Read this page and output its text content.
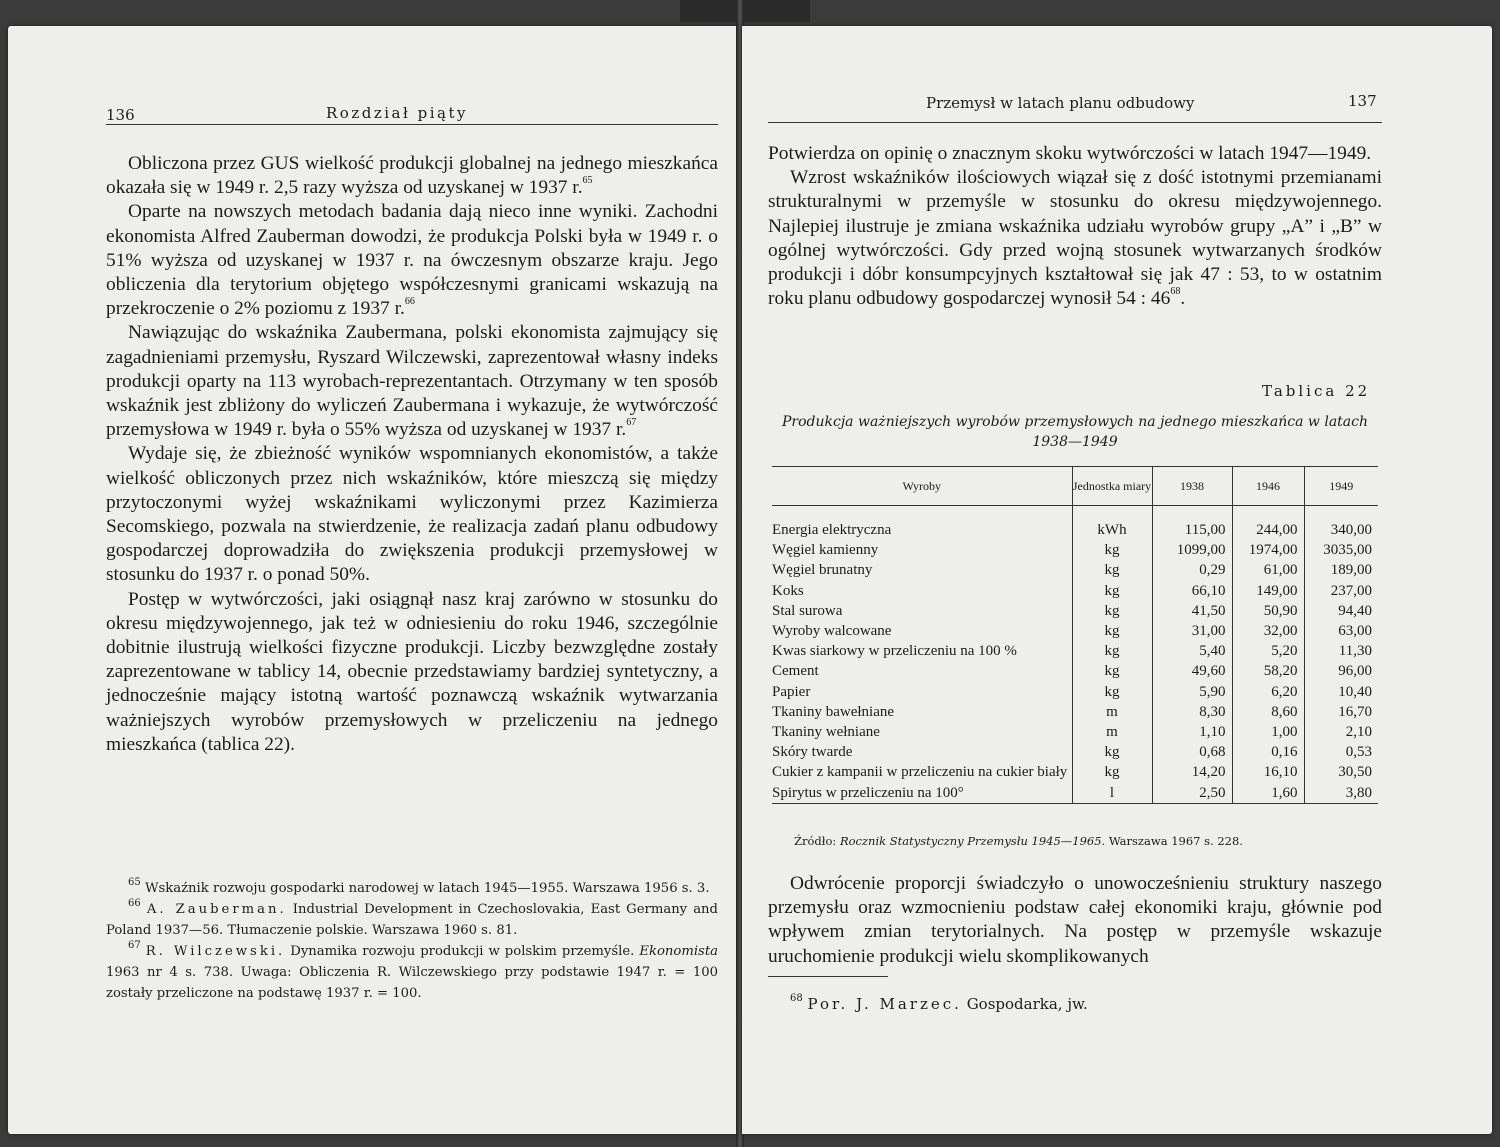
136	Rozdział piąty

Obliczona przez GUS wielkość produkcji globalnej na jednego mieszkańca okazała się w 1949 r. 2,5 razy wyższa od uzyskanej w 1937 r.$^{65}$

Oparte na nowszych metodach badania dają nieco inne wyniki. Zachodni ekonomista Alfred Zauberman dowodzi, że produkcja Polski była w 1949 r. o 51% wyższa od uzyskanej w 1937 r. na ówczesnym obszarze kraju. Jego obliczenia dla terytorium objętego współczesnymi granicami wskazują na przekroczenie o 2% poziomu z 1937 r.$^{66}$

Nawiązując do wskaźnika Zaubermana, polski ekonomista zajmujący się zagadnieniami przemysłu, Ryszard Wilczewski, zaprezentował własny indeks produkcji oparty na 113 wyrobach-reprezentantach. Otrzymany w ten sposób wskaźnik jest zbliżony do wyliczeń Zaubermana i wykazuje, że wytwórczość przemysłowa w 1949 r. była o 55% wyższa od uzyskanej w 1937 r.$^{67}$

Wydaje się, że zbieżność wyników wspomnianych ekonomistów, a także wielkość obliczonych przez nich wskaźników, które mieszczą się między przytoczonymi wyżej wskaźnikami wyliczonymi przez Kazimierza Secomskiego, pozwala na stwierdzenie, że realizacja zadań planu odbudowy gospodarczej doprowadziła do zwiększenia produkcji przemysłowej w stosunku do 1937 r. o ponad 50%.

Postęp w wytwórczości, jaki osiągnął nasz kraj zarówno w stosunku do okresu międzywojennego, jak też w odniesieniu do roku 1946, szczególnie dobitnie ilustrują wielkości fizyczne produkcji. Liczby bezwzględne zostały zaprezentowane w tablicy 14, obecnie przedstawiamy bardziej syntetyczny, a jednocześnie mający istotną wartość poznawczą wskaźnik wytwarzania ważniejszych wyrobów przemysłowych w przeliczeniu na jednego mieszkańca (tablica 22).

$^{65}$ Wskaźnik rozwoju gospodarki narodowej w latach 1945—1955. Warszawa 1956 s. 3.

$^{66}$ A. Zauberman. Industrial Development in Czechoslovakia, East Germany and Poland 1937—56. Tłumaczenie polskie. Warszawa 1960 s. 81.

$^{67}$ R. Wilczewski. Dynamika rozwoju produkcji w polskim przemyśle. Ekonomista 1963 nr 4 s. 738. Uwaga: Obliczenia R. Wilczewskiego przy podstawie 1947 r. = 100 zostały przeliczone na podstawę 1937 r. = 100.

Przemysł w latach planu odbudowy	137

Potwierdza on opinię o znacznym skoku wytwórczości w latach 1947—1949.

Wzrost wskaźników ilościowych wiązał się z dość istotnymi przemianami strukturalnymi w przemyśle w stosunku do okresu międzywojennego. Najlepiej ilustruje je zmiana wskaźnika udziału wyrobów grupy „A” i „B” w ogólnej wytwórczości. Gdy przed wojną stosunek wytwarzanych środków produkcji i dóbr konsumpcyjnych kształtował się jak 47 : 53, to w ostatnim roku planu odbudowy gospodarczej wynosił 54 : $46^{68}$.

Tablica 22
Produkcja ważniejszych wyrobów przemysłowych na jednego mieszkańca w latach 1938—1949
Wyroby	Jednostka miary	1938	1946	1949

Energia elektryczna	kWh	115,00	244,00	340,00
Węgiel kamienny	kg	1099,00	1974,00	3035,00
Węgiel brunatny	kg	0,29	61,00	189,00
Koks	kg	66,10	149,00	237,00
Stal surowa	kg	41,50	50,90	94,40
Wyroby walcowane	kg	31,00	32,00	63,00
Kwas siarkowy w przeliczeniu na 100 %	kg	5,40	5,20	11,30
Cement	kg	49,60	58,20	96,00
Papier	kg	5,90	6,20	10,40
Tkaniny bawełniane	m	8,30	8,60	16,70
Tkaniny wełniane	m	1,10	1,00	2,10
Skóry twarde	kg	0,68	0,16	0,53
Cukier z kampanii w przeliczeniu na cukier biały	kg	14,20	16,10	30,50
Spirytus w przeliczeniu na 100°	l	2,50	1,60	3,80
Źródło: Rocznik Statystyczny Przemysłu 1945—1965. Warszawa 1967 s. 228.

Odwrócenie proporcji świadczyło o unowocześnieniu struktury naszego przemysłu oraz wzmocnieniu podstaw całej ekonomiki kraju, głównie pod wpływem zmian terytorialnych. Na postęp w przemyśle wskazuje uruchomienie produkcji wielu skomplikowanych

$^{68}$ Por. J. Marzec. Gospodarka, jw.
